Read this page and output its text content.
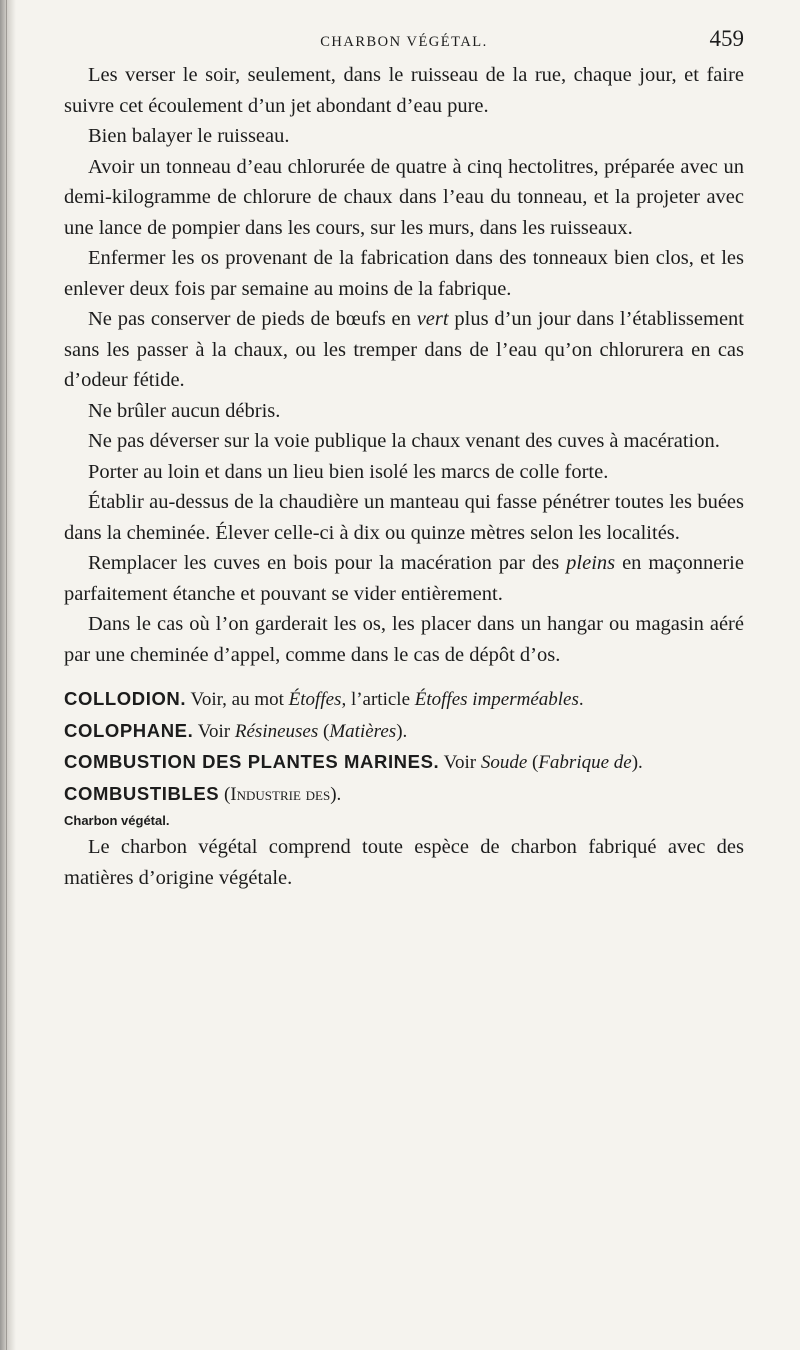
CHARBON VÉGÉTAL.	459

Les verser le soir, seulement, dans le ruisseau de la rue, chaque jour, et faire suivre cet écoulement d’un jet abondant d’eau pure.

Bien balayer le ruisseau.

Avoir un tonneau d’eau chlorurée de quatre à cinq hectolitres, préparée avec un demi-kilogramme de chlorure de chaux dans l’eau du tonneau, et la projeter avec une lance de pompier dans les cours, sur les murs, dans les ruisseaux.

Enfermer les os provenant de la fabrication dans des tonneaux bien clos, et les enlever deux fois par semaine au moins de la fabrique.

Ne pas conserver de pieds de bœufs en vert plus d’un jour dans l’établissement sans les passer à la chaux, ou les tremper dans de l’eau qu’on chlorurera en cas d’odeur fétide.

Ne brûler aucun débris.

Ne pas déverser sur la voie publique la chaux venant des cuves à macération.

Porter au loin et dans un lieu bien isolé les marcs de colle forte.

Établir au-dessus de la chaudière un manteau qui fasse pénétrer toutes les buées dans la cheminée. Élever celle-ci à dix ou quinze mètres selon les localités.

Remplacer les cuves en bois pour la macération par des pleins en maçonnerie parfaitement étanche et pouvant se vider entièrement.

Dans le cas où l’on garderait les os, les placer dans un hangar ou magasin aéré par une cheminée d’appel, comme dans le cas de dépôt d’os.

COLLODION. Voir, au mot Étoffes, l’article Étoffes imperméables.

COLOPHANE. Voir Résineuses (Matières).

COMBUSTION DES PLANTES MARINES. Voir Soude (Fabrique de).

COMBUSTIBLES (Industrie des).

Charbon végétal.

Le charbon végétal comprend toute espèce de charbon fabriqué avec des matières d’origine végétale.
